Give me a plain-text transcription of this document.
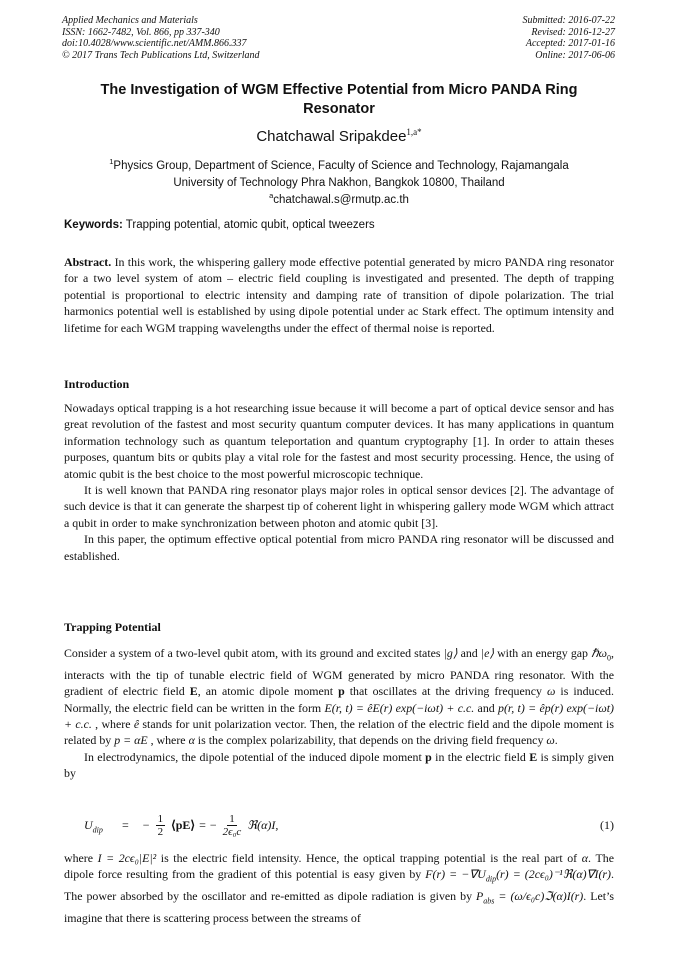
Applied Mechanics and Materials
ISSN: 1662-7482, Vol. 866, pp 337-340
doi:10.4028/www.scientific.net/AMM.866.337
© 2017 Trans Tech Publications Ltd, Switzerland
Submitted: 2016-07-22
Revised: 2016-12-27
Accepted: 2017-01-16
Online: 2017-06-06
The Investigation of WGM Effective Potential from Micro PANDA Ring Resonator
Chatchawal Sripakdee$^{1,a*}$
$^1$Physics Group, Department of Science, Faculty of Science and Technology, Rajamangala
University of Technology Phra Nakhon, Bangkok 10800, Thailand
$^a$chatchawal.s@rmutp.ac.th
Keywords: Trapping potential, atomic qubit, optical tweezers

Abstract. In this work, the whispering gallery mode effective potential generated by micro PANDA ring resonator for a two level system of atom – electric field coupling is investigated and presented. The depth of trapping potential is proportional to electric intensity and damping rate of transition of dipole polarization. The trial harmonics potential well is established by using dipole potential under ac Stark effect. The optimum intensity and lifetime for each WGM trapping wavelengths under the effect of thermal noise is reported.

Introduction

Nowadays optical trapping is a hot researching issue because it will become a part of optical device sensor and has great revolution of the fastest and most security quantum computer devices. It has many applications in quantum information technology such as quantum teleportation and quantum cryptography [1]. In order to attain theses purposes, quantum bits or qubits play a vital role for the fastest and most security processing. Hence, the using of atomic qubit is the best choice to the most powerful microscopic technique.

It is well known that PANDA ring resonator plays major roles in optical sensor devices [2]. The advantage of such device is that it can generate the sharpest tip of coherent light in whispering gallery mode WGM which attract a qubit in order to make synchronization between photon and atomic qubit [3].

In this paper, the optimum effective optical potential from micro PANDA ring resonator will be discussed and established.

Trapping Potential

Consider a system of a two-level qubit atom, with its ground and excited states |g⟩ and |e⟩ with an energy gap ℏω$_0$, interacts with the tip of tunable electric field of WGM generated by micro PANDA ring resonator. With the gradient of electric field E, an atomic dipole moment p that oscillates at the driving frequency ω is induced. Normally, the electric field can be written in the form E(r, t) = êE(r) exp(−iωt) + c.c. and p(r, t) = êp(r) exp(−iωt) + c.c. , where ê stands for unit polarization vector. Then, the relation of the electric field and the dipole moment is related by p = αE , where α is the complex polarizability, that depends on the driving field frequency ω.

In electrodynamics, the dipole potential of the induced dipole moment p in the electric field E is simply given by

$U_{dip}$ = − $\frac{1}{2}$ ⟨pE⟩ = − $\frac{1}{\text{2ϵ₀c}}$ ℜ(α)I,	(1)

where I = 2cϵ₀|E|² is the electric field intensity. Hence, the optical trapping potential is the real part of α. The dipole force resulting from the gradient of this potential is easy given by $F(r) = -\nabla U_{dip}(r)$ = (2cϵ₀)⁻¹ℜ(α)∇I(r). The power absorbed by the oscillator and re-emitted as dipole radiation is given by $P_{abs}$ = (ω/ϵ₀c)ℑ(α)I(r). Let’s imagine that there is scattering process between the streams of
